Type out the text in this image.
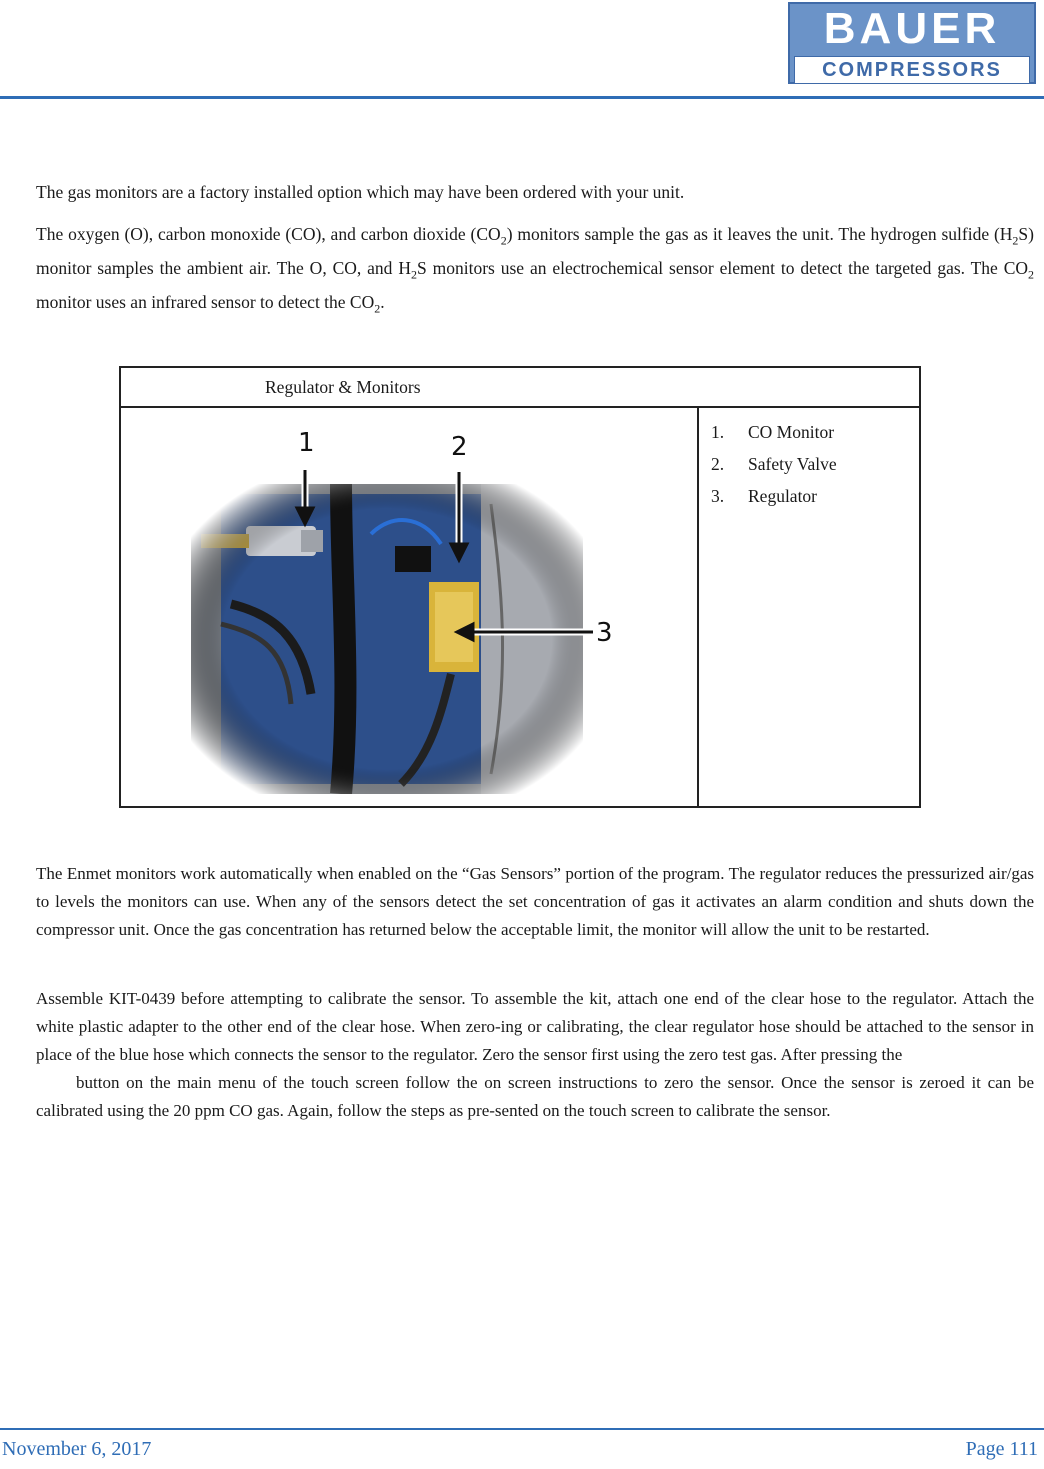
BAUER
COMPRESSORS

The gas monitors are a factory installed option which may have been ordered with your unit.

The oxygen (O), carbon monoxide (CO), and carbon dioxide $(CO_2)$ monitors sample the gas as it leaves the unit. The hydrogen sulfide $(H_2S)$ monitor samples the ambient air. The O, CO, and $H_2S$ monitors use an electrochemical sensor element to detect the targeted gas. The $CO_2$ monitor uses an infrared sensor to detect the $CO_2$.

Regulator & Monitors
1	2
3
1. CO Monitor
2. Safety Valve
3. Regulator

The Enmet monitors work automatically when enabled on the “Gas Sensors” portion of the program. The regulator reduces the pressurized air/gas to levels the monitors can use. When any of the sensors detect the set concentration of gas it activates an alarm condition and shuts down the compressor unit. Once the gas concentration has returned below the acceptable limit, the monitor will allow the unit to be restarted.

Assemble KIT-0439 before attempting to calibrate the sensor. To assemble the kit, attach one end of the clear hose to the regulator. Attach the white plastic adapter to the other end of the clear hose. When zero-ing or calibrating, the clear regulator hose should be attached to the sensor in place of the blue hose which connects the sensor to the regulator. Zero the sensor first using the zero test gas. After pressing the
button on the main menu of the touch screen follow the on screen instructions to zero the sensor. Once the sensor is zeroed it can be calibrated using the 20 ppm CO gas. Again, follow the steps as pre-sented on the touch screen to calibrate the sensor.

November 6, 2017	Page 111
